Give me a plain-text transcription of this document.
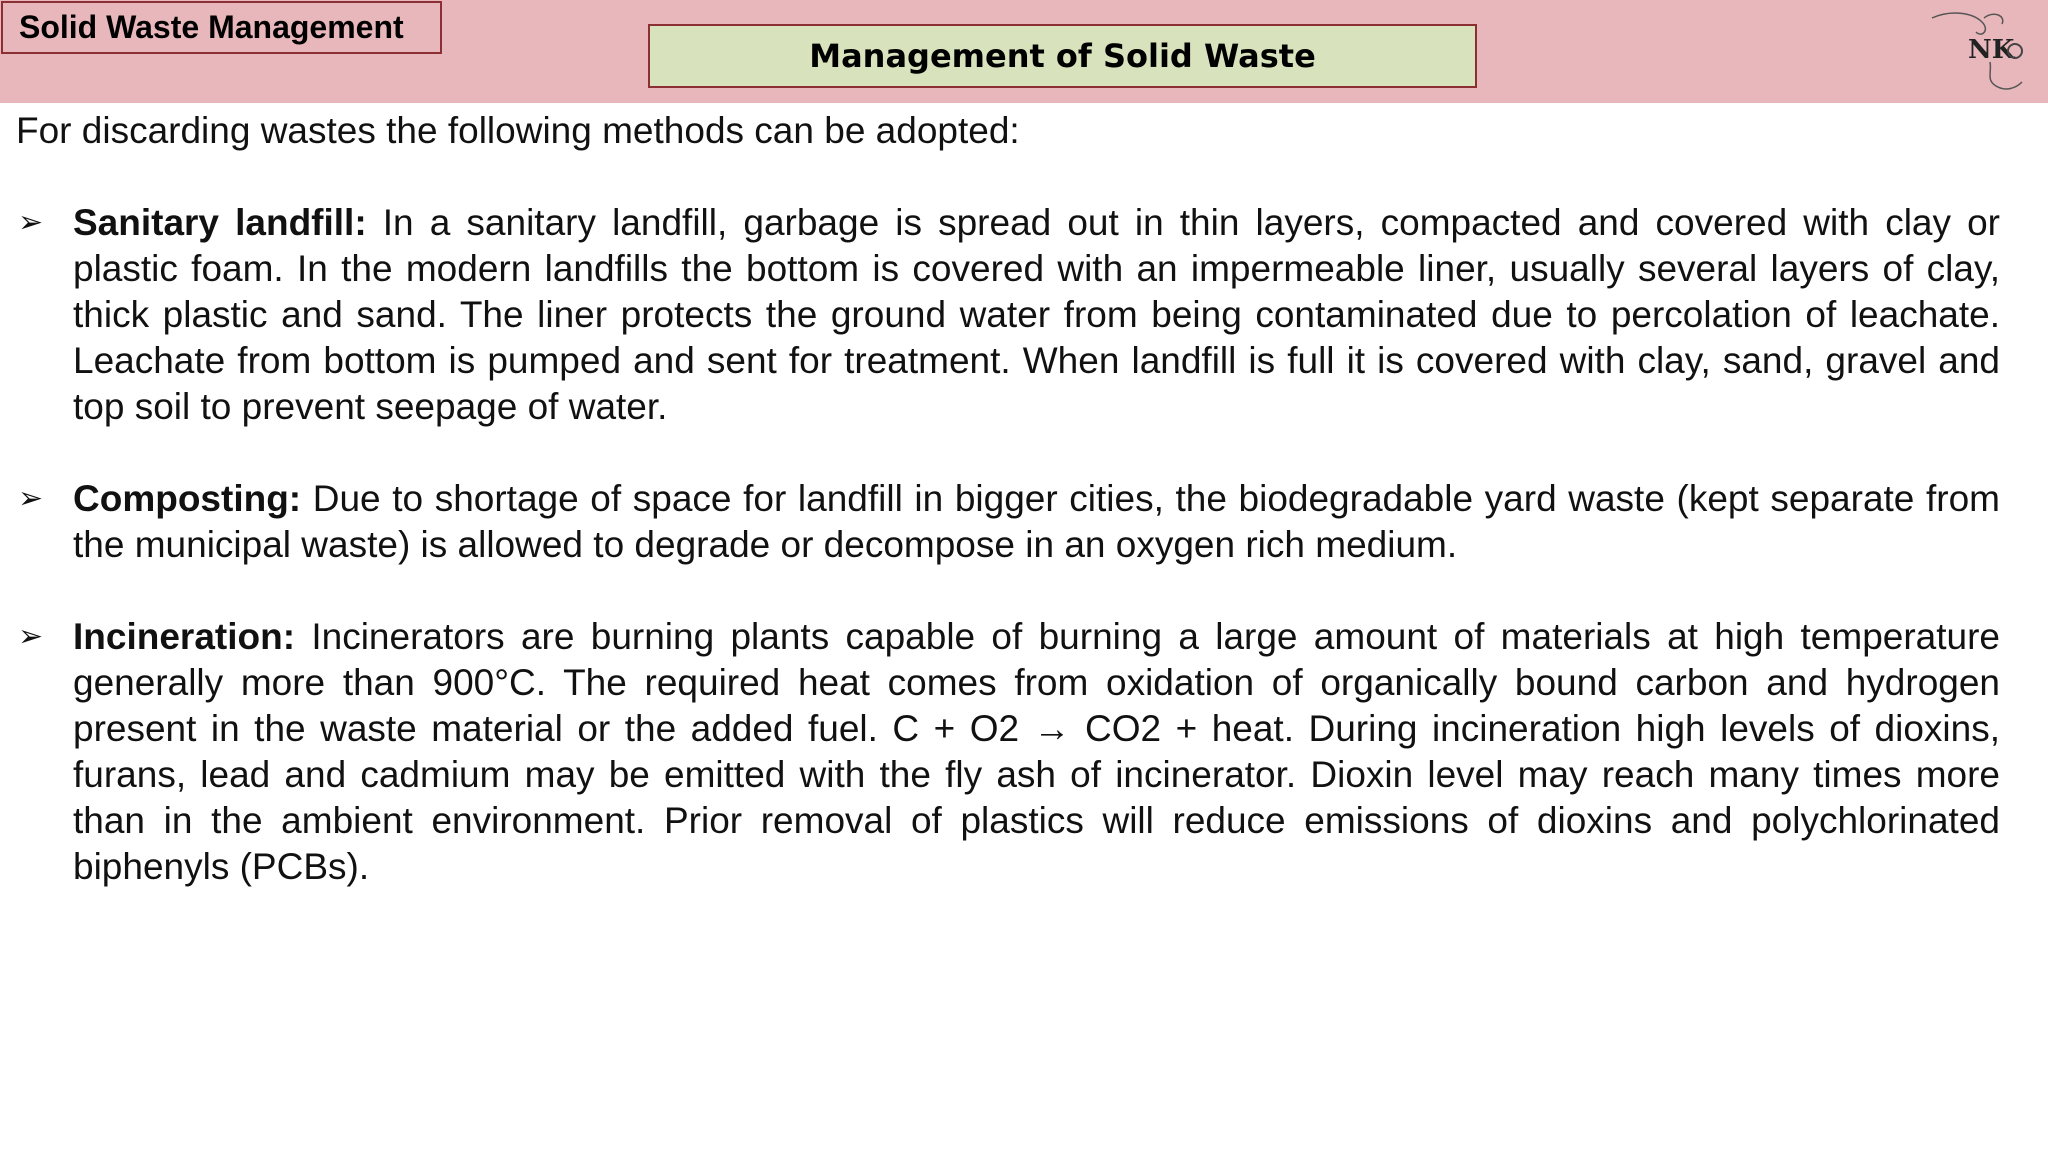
Solid Waste Management
Management of Solid Waste	NK

For discarding wastes the following methods can be adopted:

➢ Sanitary landfill: In a sanitary landfill, garbage is spread out in thin layers, compacted and covered with clay or plastic foam. In the modern landfills the bottom is covered with an impermeable liner, usually several layers of clay, thick plastic and sand. The liner protects the ground water from being contaminated due to percolation of leachate. Leachate from bottom is pumped and sent for treatment. When landfill is full it is covered with clay, sand, gravel and top soil to prevent seepage of water.
➢ Composting: Due to shortage of space for landfill in bigger cities, the biodegradable yard waste (kept separate from the municipal waste) is allowed to degrade or decompose in an oxygen rich medium.
➢ Incineration: Incinerators are burning plants capable of burning a large amount of materials at high temperature generally more than 900°C. The required heat comes from oxidation of organically bound carbon and hydrogen present in the waste material or the added fuel. C + O2 → CO2 + heat. During incineration high levels of dioxins, furans, lead and cadmium may be emitted with the fly ash of incinerator. Dioxin level may reach many times more than in the ambient environment. Prior removal of plastics will reduce emissions of dioxins and polychlorinated biphenyls (PCBs).
